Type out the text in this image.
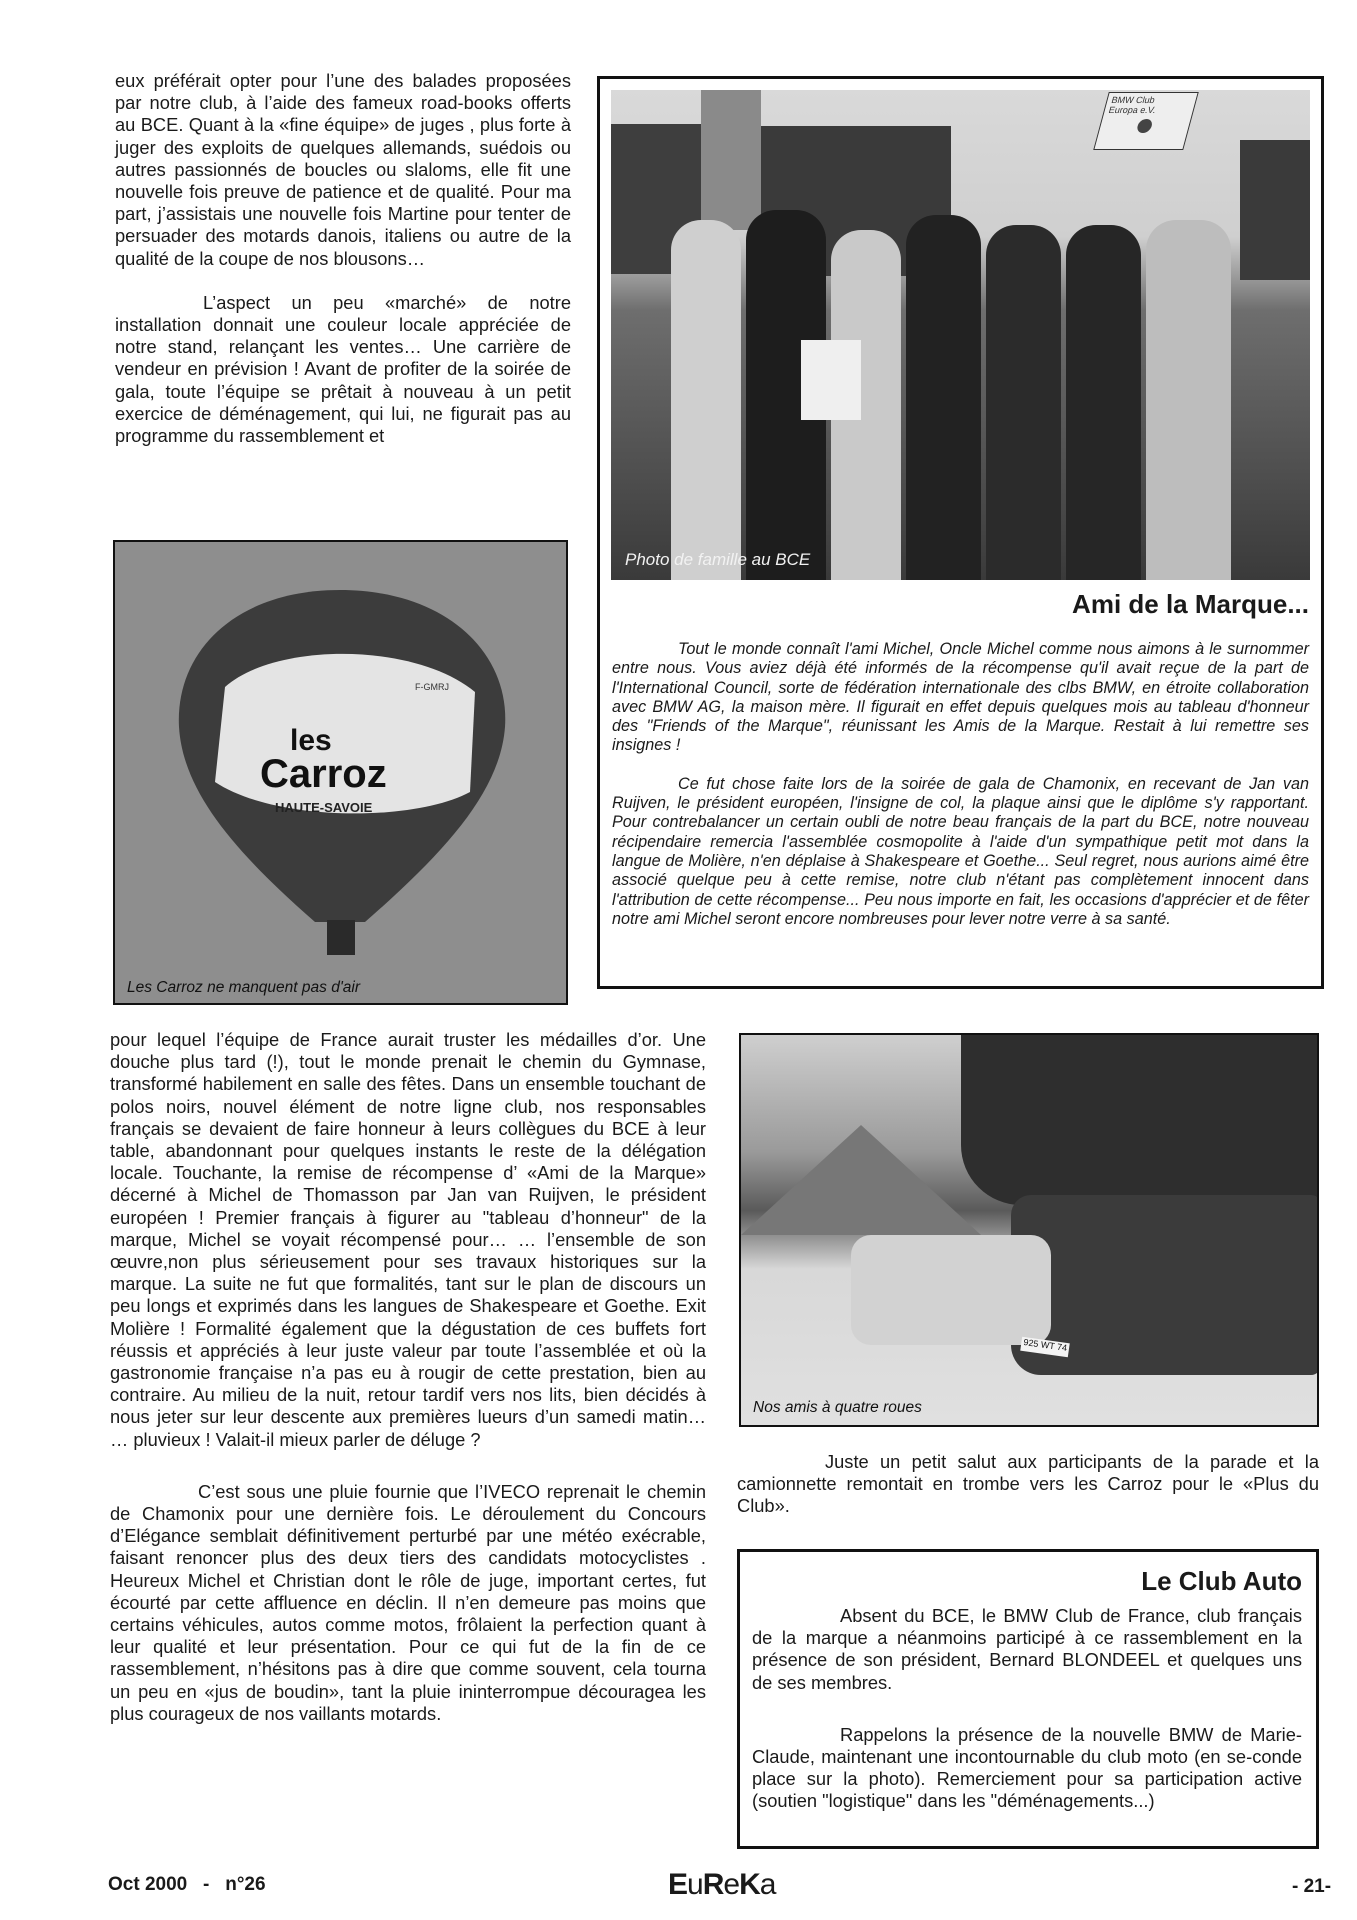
eux préférait opter pour l’une des balades proposées par notre club, à l’aide des fameux road-books offerts au BCE. Quant à la «fine équipe» de juges , plus forte à juger des exploits de quelques allemands, suédois ou autres passionnés de boucles ou slaloms, elle fit une nouvelle fois preuve de patience et de qualité. Pour ma part, j’assistais une nouvelle fois Martine pour tenter de persuader des motards danois, italiens ou autre de la qualité de la coupe de nos blousons…

L’aspect un peu «marché» de notre installation donnait une couleur locale appréciée de notre stand, relançant les ventes… Une carrière de vendeur en prévision ! Avant de profiter de la soirée de gala, toute l’équipe se prêtait à nouveau à un petit exercice de déménagement, qui lui, ne figurait pas au programme du rassemblement et

BMW Club
Europa e.V.
Photo de famille au BCE
Ami de la Marque...

Tout le monde connaît l'ami Michel, Oncle Michel comme nous aimons à le surnommer entre nous. Vous aviez déjà été informés de la récompense qu'il avait reçue de la part de l'International Council, sorte de fédération internationale des clbs BMW, en étroite collaboration avec BMW AG, la maison mère. Il figurait en effet depuis quelques mois au tableau d'honneur des "Friends of the Marque", réunissant les Amis de la Marque. Restait à lui remettre ses insignes !

Ce fut chose faite lors de la soirée de gala de Chamonix, en recevant de Jan van Ruijven, le président européen, l'insigne de col, la plaque ainsi que le diplôme s'y rapportant. Pour contrebalancer un certain oubli de notre beau français de la part du BCE, notre nouveau récipendaire remercia l'assemblée cosmopolite à l'aide d'un sympathique petit mot dans la langue de Molière, n'en déplaise à Shakespeare et Goethe... Seul regret, nous aurions aimé être associé quelque peu à cette remise, notre club n'étant pas complètement innocent dans l'attribution de cette récompense... Peu nous importe en fait, les occasions d'apprécier et de fêter notre ami Michel seront encore nombreuses pour lever notre verre à sa santé.

les
Carroz
HAUTE-SAVOIE
F-GMRJ
Les Carroz ne manquent pas d'air

pour lequel l’équipe de France aurait truster les médailles d’or. Une douche plus tard (!), tout le monde prenait le chemin du Gymnase, transformé habilement en salle des fêtes. Dans un ensemble touchant de polos noirs, nouvel élément de notre ligne club, nos responsables français se devaient de faire honneur à leurs collègues du BCE à leur table, abandonnant pour quelques instants le reste de la délégation locale. Touchante, la remise de récompense d’ «Ami de la Marque» décerné à Michel de Thomasson par Jan van Ruijven, le président européen ! Premier français à figurer au "tableau d’honneur" de la marque, Michel se voyait récompensé pour… … l’ensemble de son œuvre,non plus sérieusement pour ses travaux historiques sur la marque. La suite ne fut que formalités, tant sur le plan de discours un peu longs et exprimés dans les langues de Shakespeare et Goethe. Exit Molière ! Formalité également que la dégustation de ces buffets fort réussis et appréciés à leur juste valeur par toute l’assemblée et où la gastronomie française n’a pas eu à rougir de cette prestation, bien au contraire. Au milieu de la nuit, retour tardif vers nos lits, bien décidés à nous jeter sur leur descente aux premières lueurs d’un samedi matin… … pluvieux ! Valait-il mieux parler de déluge ?

C’est sous une pluie fournie que l’IVECO reprenait le chemin de Chamonix pour une dernière fois. Le déroulement du Concours d’Elégance semblait définitivement perturbé par une météo exécrable, faisant renoncer plus des deux tiers des candidats motocyclistes . Heureux Michel et Christian dont le rôle de juge, important certes, fut écourté par cette affluence en déclin. Il n’en demeure pas moins que certains véhicules, autos comme motos, frôlaient la perfection quant à leur qualité et leur présentation. Pour ce qui fut de la fin de ce rassemblement, n’hésitons pas à dire que comme souvent, cela tourna un peu en «jus de boudin», tant la pluie ininterrompue découragea les plus courageux de nos vaillants motards.

925 WT 74
Nos amis à quatre roues

Juste un petit salut aux participants de la parade et la camionnette remontait en trombe vers les Carroz pour le «Plus du Club».

Le Club Auto

Absent du BCE, le BMW Club de France, club français de la marque a néanmoins participé à ce rassemblement en la présence de son président, Bernard BLONDEEL et quelques uns de ses membres.

Rappelons la présence de la nouvelle BMW de Marie-Claude, maintenant une incontournable du club moto (en se-conde place sur la photo). Remerciement pour sa participation active (soutien "logistique" dans les "déménagements...)

Oct 2000   -   n°26	EuReKa	- 21-
